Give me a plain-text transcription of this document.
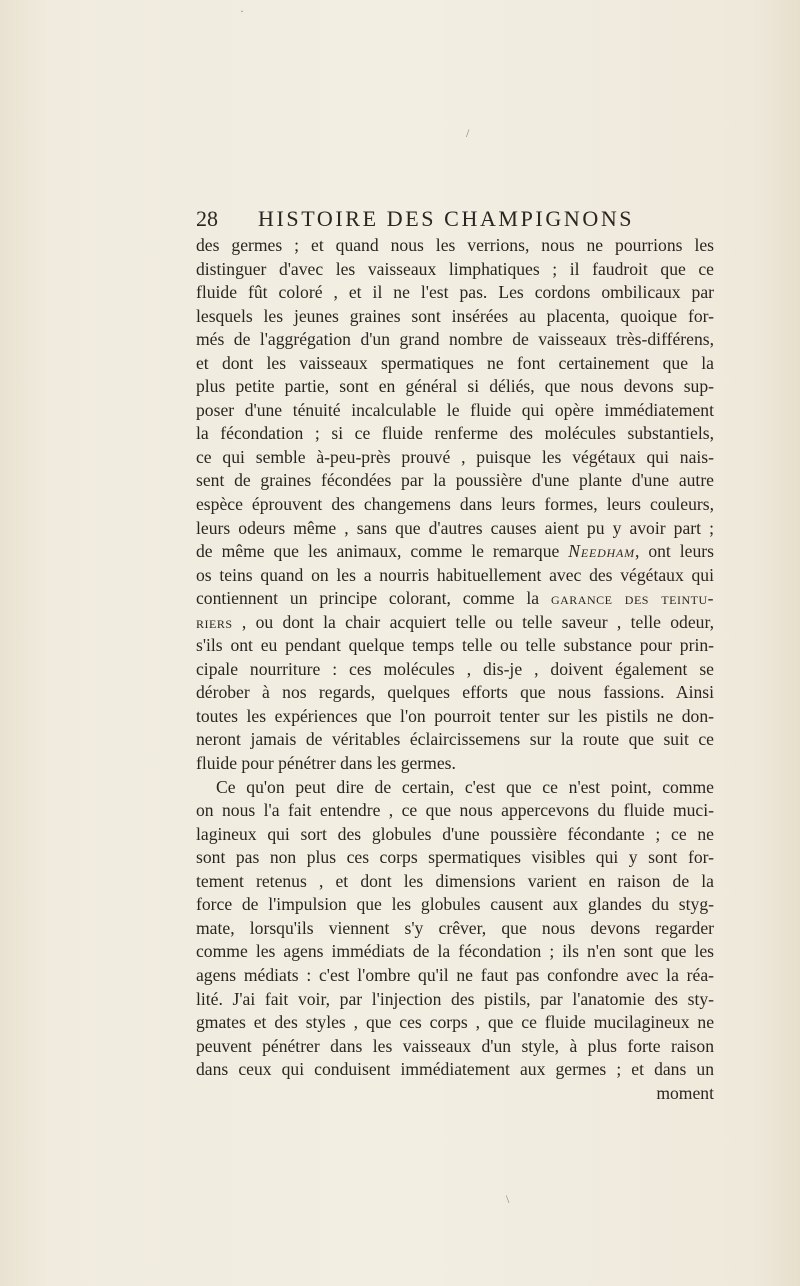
·
/
\
28 HISTOIRE DES CHAMPIGNONS
des germes ; et quand nous les verrions, nous ne pourrions les
distinguer d'avec les vaisseaux limphatiques ; il faudroit que ce
fluide fût coloré , et il ne l'est pas. Les cordons ombilicaux par
lesquels les jeunes graines sont insérées au placenta, quoique for-
més de l'aggrégation d'un grand nombre de vaisseaux très-différens,
et dont les vaisseaux spermatiques ne font certainement que la
plus petite partie, sont en général si déliés, que nous devons sup-
poser d'une ténuité incalculable le fluide qui opère immédiatement
la fécondation ; si ce fluide renferme des molécules substantiels,
ce qui semble à-peu-près prouvé , puisque les végétaux qui nais-
sent de graines fécondées par la poussière d'une plante d'une autre
espèce éprouvent des changemens dans leurs formes, leurs couleurs,
leurs odeurs même , sans que d'autres causes aient pu y avoir part ;
de même que les animaux, comme le remarque Needham, ont leurs
os teins quand on les a nourris habituellement avec des végétaux qui
contiennent un principe colorant, comme la garance des teintu-
riers , ou dont la chair acquiert telle ou telle saveur , telle odeur,
s'ils ont eu pendant quelque temps telle ou telle substance pour prin-
cipale nourriture : ces molécules , dis-je , doivent également se
dérober à nos regards, quelques efforts que nous fassions. Ainsi
toutes les expériences que l'on pourroit tenter sur les pistils ne don-
neront jamais de véritables éclaircissemens sur la route que suit ce
fluide pour pénétrer dans les germes.
Ce qu'on peut dire de certain, c'est que ce n'est point, comme
on nous l'a fait entendre , ce que nous appercevons du fluide muci-
lagineux qui sort des globules d'une poussière fécondante ; ce ne
sont pas non plus ces corps spermatiques visibles qui y sont for-
tement retenus , et dont les dimensions varient en raison de la
force de l'impulsion que les globules causent aux glandes du styg-
mate, lorsqu'ils viennent s'y crêver, que nous devons regarder
comme les agens immédiats de la fécondation ; ils n'en sont que les
agens médiats : c'est l'ombre qu'il ne faut pas confondre avec la réa-
lité. J'ai fait voir, par l'injection des pistils, par l'anatomie des sty-
gmates et des styles , que ces corps , que ce fluide mucilagineux ne
peuvent pénétrer dans les vaisseaux d'un style, à plus forte raison
dans ceux qui conduisent immédiatement aux germes ; et dans un
moment
